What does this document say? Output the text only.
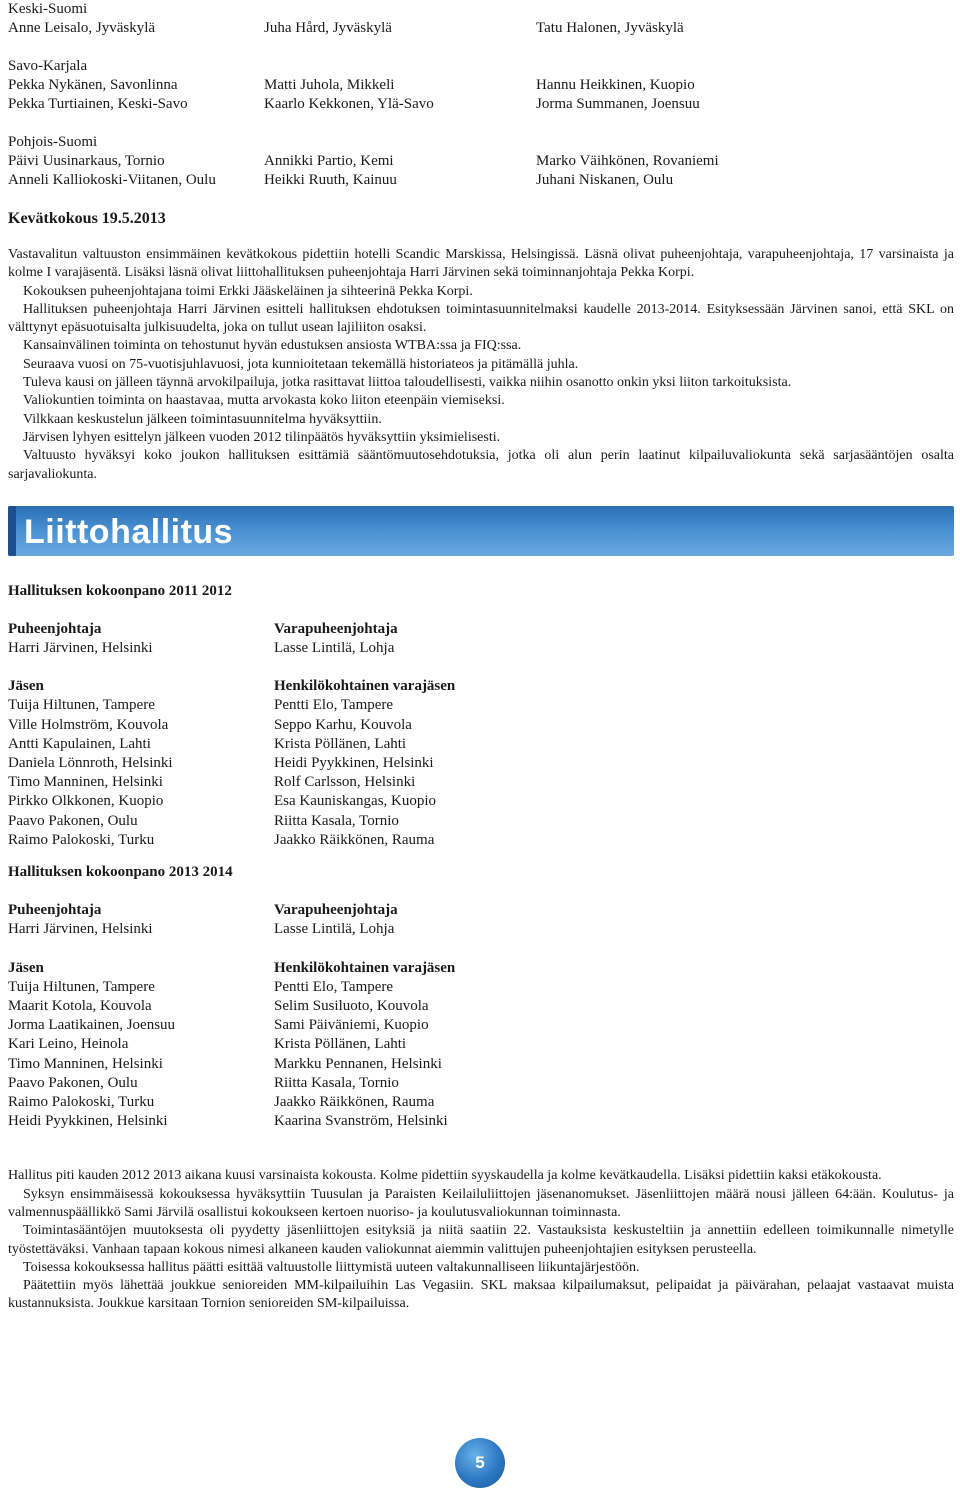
Keski-Suomi
Anne Leisalo, Jyväskylä	Juha Hård, Jyväskylä	Tatu Halonen, Jyväskylä
Savo-Karjala
Pekka Nykänen, Savonlinna	Matti Juhola, Mikkeli	Hannu Heikkinen, Kuopio
Pekka Turtiainen, Keski-Savo	Kaarlo Kekkonen, Ylä-Savo	Jorma Summanen, Joensuu
Pohjois-Suomi
Päivi Uusinarkaus, Tornio	Annikki Partio, Kemi	Marko Väihkönen, Rovaniemi
Anneli Kalliokoski-Viitanen, Oulu	Heikki Ruuth, Kainuu	Juhani Niskanen, Oulu
Kevätkokous 19.5.2013

Vastavalitun valtuuston ensimmäinen kevätkokous pidettiin hotelli Scandic Marskissa, Helsingissä. Läsnä olivat puheenjohtaja, varapuheenjohtaja, 17 varsinaista ja kolme I varajäsentä. Lisäksi läsnä olivat liittohallituksen puheenjohtaja Harri Järvinen sekä toiminnanjohtaja Pekka Korpi.

Kokouksen puheenjohtajana toimi Erkki Jääskeläinen ja sihteerinä Pekka Korpi.

Hallituksen puheenjohtaja Harri Järvinen esitteli hallituksen ehdotuksen toimintasuunnitelmaksi kaudelle 2013-2014. Esityksessään Järvinen sanoi, että SKL on välttynyt epäsuotuisalta julkisuudelta, joka on tullut usean lajiliiton osaksi.

Kansainvälinen toiminta on tehostunut hyvän edustuksen ansiosta WTBA:ssa ja FIQ:ssa.

Seuraava vuosi on 75-vuotisjuhlavuosi, jota kunnioitetaan tekemällä historiateos ja pitämällä juhla.

Tuleva kausi on jälleen täynnä arvokilpailuja, jotka rasittavat liittoa taloudellisesti, vaikka niihin osanotto onkin yksi liiton tarkoituksista.

Valiokuntien toiminta on haastavaa, mutta arvokasta koko liiton eteenpäin viemiseksi.

Vilkkaan keskustelun jälkeen toimintasuunnitelma hyväksyttiin.

Järvisen lyhyen esittelyn jälkeen vuoden 2012 tilinpäätös hyväksyttiin yksimielisesti.

Valtuusto hyväksyi koko joukon hallituksen esittämiä sääntömuutosehdotuksia, jotka oli alun perin laatinut kilpailuvaliokunta sekä sarjasääntöjen osalta sarjavaliokunta.

Liittohallitus
Hallituksen kokoonpano 2011 2012
Puheenjohtaja
Harri Järvinen, Helsinki
Varapuheenjohtaja
Lasse Lintilä, Lohja
Jäsen
Tuija Hiltunen, Tampere
Ville Holmström, Kouvola
Antti Kapulainen, Lahti
Daniela Lönnroth, Helsinki
Timo Manninen, Helsinki
Pirkko Olkkonen, Kuopio
Paavo Pakonen, Oulu
Raimo Palokoski, Turku
Henkilökohtainen varajäsen
Pentti Elo, Tampere
Seppo Karhu, Kouvola
Krista Pöllänen, Lahti
Heidi Pyykkinen, Helsinki
Rolf Carlsson, Helsinki
Esa Kauniskangas, Kuopio
Riitta Kasala, Tornio
Jaakko Räikkönen, Rauma
Hallituksen kokoonpano 2013 2014
Puheenjohtaja
Harri Järvinen, Helsinki
Varapuheenjohtaja
Lasse Lintilä, Lohja
Jäsen
Tuija Hiltunen, Tampere
Maarit Kotola, Kouvola
Jorma Laatikainen, Joensuu
Kari Leino, Heinola
Timo Manninen, Helsinki
Paavo Pakonen, Oulu
Raimo Palokoski, Turku
Heidi Pyykkinen, Helsinki
Henkilökohtainen varajäsen
Pentti Elo, Tampere
Selim Susiluoto, Kouvola
Sami Päiväniemi, Kuopio
Krista Pöllänen, Lahti
Markku Pennanen, Helsinki
Riitta Kasala, Tornio
Jaakko Räikkönen, Rauma
Kaarina Svanström, Helsinki

Hallitus piti kauden 2012 2013 aikana kuusi varsinaista kokousta. Kolme pidettiin syyskaudella ja kolme kevätkaudella. Lisäksi pidettiin kaksi etäkokousta.

Syksyn ensimmäisessä kokouksessa hyväksyttiin Tuusulan ja Paraisten Keilailuliittojen jäsenanomukset. Jäsenliittojen määrä nousi jälleen 64:ään. Koulutus- ja valmennuspäällikkö Sami Järvilä osallistui kokoukseen kertoen nuoriso- ja koulutusvaliokunnan toiminnasta.

Toimintasääntöjen muutoksesta oli pyydetty jäsenliittojen esityksiä ja niitä saatiin 22. Vastauksista keskusteltiin ja annettiin edelleen toimikunnalle nimetylle työstettäväksi. Vanhaan tapaan kokous nimesi alkaneen kauden valiokunnat aiemmin valittujen puheenjohtajien esityksen perusteella.

Toisessa kokouksessa hallitus päätti esittää valtuustolle liittymistä uuteen valtakunnalliseen liikuntajärjestöön.

Päätettiin myös lähettää joukkue senioreiden MM-kilpailuihin Las Vegasiin. SKL maksaa kilpailumaksut, pelipaidat ja päivärahan, pelaajat vastaavat muista kustannuksista. Joukkue karsitaan Tornion senioreiden SM-kilpailuissa.

5
